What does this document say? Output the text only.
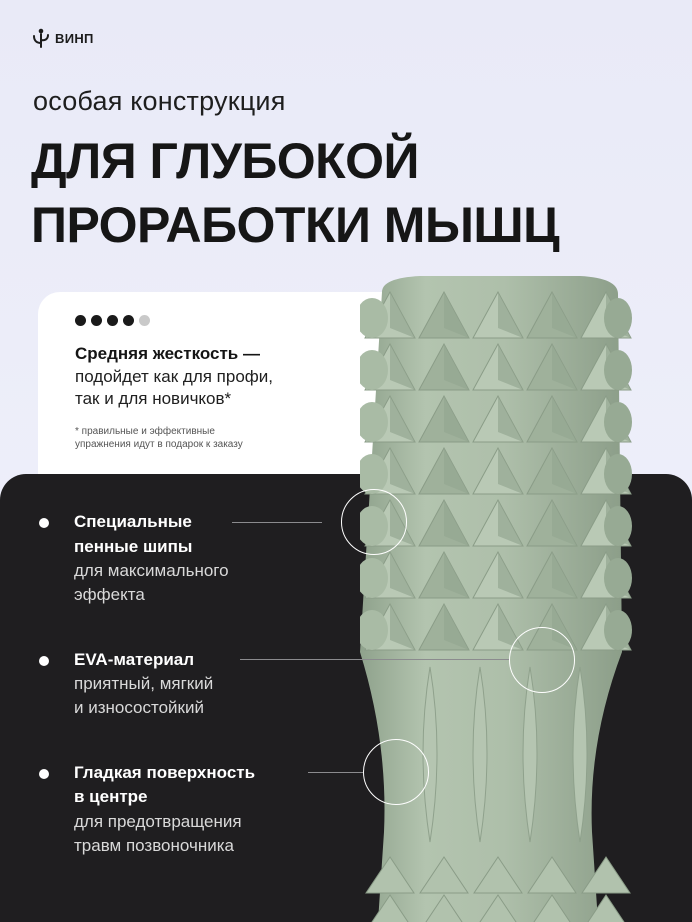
ВИНП
особая конструкция
ДЛЯ ГЛУБОКОЙ
ПРОРАБОТКИ МЫШЦ
Средняя жесткость —
подойдет как для профи,
так и для новичков*
* правильные и эффективные
упражнения идут в подарок к заказу
Специальные
пенные шипы
для максимального
эффекта
EVA-материал
приятный, мягкий
и износостойкий
Гладкая поверхность
в центре
для предотвращения
травм позвоночника
